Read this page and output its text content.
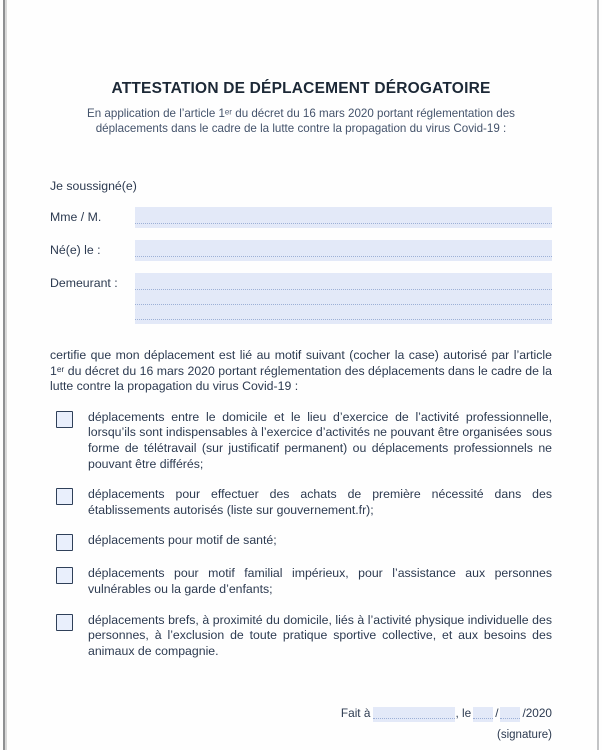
ATTESTATION DE DÉPLACEMENT DÉROGATOIRE
En application de l’article 1ᵉʳ du décret du 16 mars 2020 portant réglementation des déplacements dans le cadre de la lutte contre la propagation du virus Covid-19 :
Je soussigné(e)
Mme / M.
Né(e) le :
Demeurant :
certifie que mon déplacement est lié au motif suivant (cocher la case) autorisé par l’article 1ᵉʳ du décret du 16 mars 2020 portant réglementation des déplacements dans le cadre de la lutte contre la propagation du virus Covid-19 :
déplacements entre le domicile et le lieu d’exercice de l’activité professionnelle, lorsqu’ils sont indispensables à l’exercice d’activités ne pouvant être organisées sous forme de télétravail (sur justificatif permanent) ou déplacements professionnels ne pouvant être différés;
déplacements pour effectuer des achats de première nécessité dans des établissements autorisés (liste sur gouvernement.fr);
déplacements pour motif de santé;
déplacements pour motif familial impérieux, pour l’assistance aux personnes vulnérables ou la garde d’enfants;
déplacements brefs, à proximité du domicile, liés à l’activité physique individuelle des personnes, à l’exclusion de toute pratique sportive collective, et aux besoins des animaux de compagnie.
Fait à	, le / /2020
(signature)
